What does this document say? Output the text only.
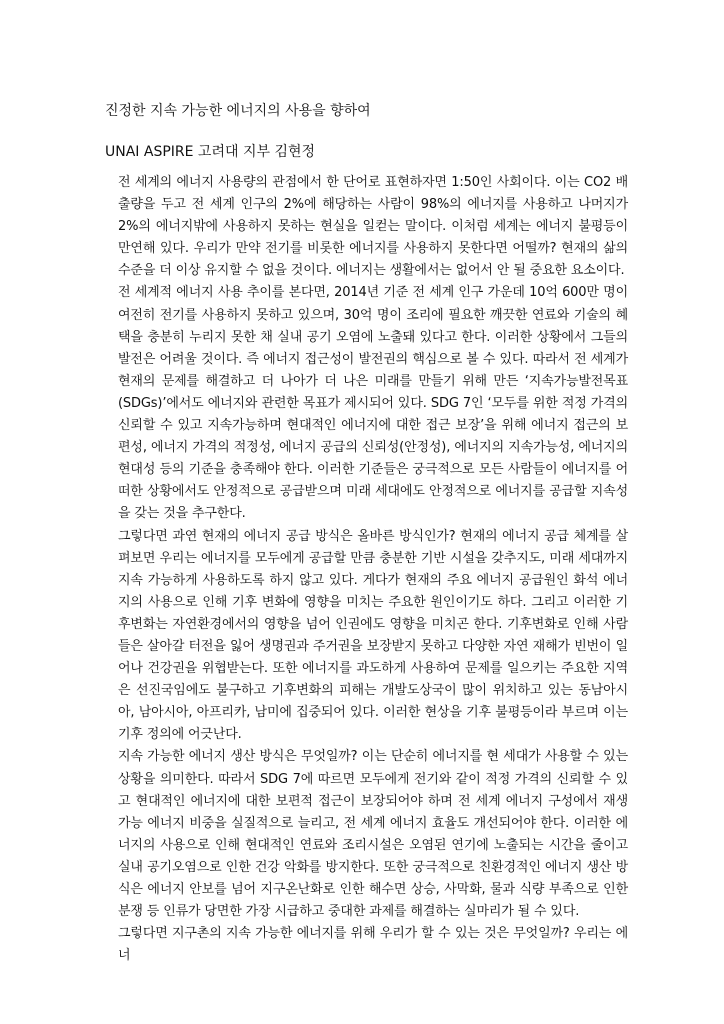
진정한 지속 가능한 에너지의 사용을 향하여
UNAI ASPIRE 고려대 지부 김현정

전 세계의 에너지 사용량의 관점에서 한 단어로 표현하자면 1:50인 사회이다. 이는 CO2 배출량을 두고 전 세계 인구의 2%에 해당하는 사람이 98%의 에너지를 사용하고 나머지가 2%의 에너지밖에 사용하지 못하는 현실을 일컫는 말이다. 이처럼 세계는 에너지 불평등이 만연해 있다. 우리가 만약 전기를 비롯한 에너지를 사용하지 못한다면 어떨까? 현재의 삶의 수준을 더 이상 유지할 수 없을 것이다. 에너지는 생활에서는 없어서 안 될 중요한 요소이다.

전 세계적 에너지 사용 추이를 본다면, 2014년 기준 전 세계 인구 가운데 10억 600만 명이 여전히 전기를 사용하지 못하고 있으며, 30억 명이 조리에 필요한 깨끗한 연료와 기술의 혜택을 충분히 누리지 못한 채 실내 공기 오염에 노출돼 있다고 한다. 이러한 상황에서 그들의 발전은 어려울 것이다. 즉 에너지 접근성이 발전권의 핵심으로 볼 수 있다. 따라서 전 세계가 현재의 문제를 해결하고 더 나아가 더 나은 미래를 만들기 위해 만든 ‘지속가능발전목표(SDGs)’에서도 에너지와 관련한 목표가 제시되어 있다. SDG 7인 ‘모두를 위한 적정 가격의 신뢰할 수 있고 지속가능하며 현대적인 에너지에 대한 접근 보장’을 위해 에너지 접근의 보편성, 에너지 가격의 적정성, 에너지 공급의 신뢰성(안정성), 에너지의 지속가능성, 에너지의 현대성 등의 기준을 충족해야 한다. 이러한 기준들은 궁극적으로 모든 사람들이 에너지를 어떠한 상황에서도 안정적으로 공급받으며 미래 세대에도 안정적으로 에너지를 공급할 지속성을 갖는 것을 추구한다.

그렇다면 과연 현재의 에너지 공급 방식은 올바른 방식인가? 현재의 에너지 공급 체계를 살펴보면 우리는 에너지를 모두에게 공급할 만큼 충분한 기반 시설을 갖추지도, 미래 세대까지 지속 가능하게 사용하도록 하지 않고 있다. 게다가 현재의 주요 에너지 공급원인 화석 에너지의 사용으로 인해 기후 변화에 영향을 미치는 주요한 원인이기도 하다. 그리고 이러한 기후변화는 자연환경에서의 영향을 넘어 인권에도 영향을 미치곤 한다. 기후변화로 인해 사람들은 살아갈 터전을 잃어 생명권과 주거권을 보장받지 못하고 다양한 자연 재해가 빈번이 일어나 건강권을 위협받는다. 또한 에너지를 과도하게 사용하여 문제를 일으키는 주요한 지역은 선진국임에도 불구하고 기후변화의 피해는 개발도상국이 많이 위치하고 있는 동남아시아, 남아시아, 아프리카, 남미에 집중되어 있다. 이러한 현상을 기후 불평등이라 부르며 이는 기후 정의에 어긋난다.

지속 가능한 에너지 생산 방식은 무엇일까? 이는 단순히 에너지를 현 세대가 사용할 수 있는 상황을 의미한다. 따라서 SDG 7에 따르면 모두에게 전기와 같이 적정 가격의 신뢰할 수 있고 현대적인 에너지에 대한 보편적 접근이 보장되어야 하며 전 세계 에너지 구성에서 재생 가능 에너지 비중을 실질적으로 늘리고, 전 세계 에너지 효율도 개선되어야 한다. 이러한 에너지의 사용으로 인해 현대적인 연료와 조리시설은 오염된 연기에 노출되는 시간을 줄이고 실내 공기오염으로 인한 건강 악화를 방지한다. 또한 궁극적으로 친환경적인 에너지 생산 방식은 에너지 안보를 넘어 지구온난화로 인한 해수면 상승, 사막화, 물과 식량 부족으로 인한 분쟁 등 인류가 당면한 가장 시급하고 중대한 과제를 해결하는 실마리가 될 수 있다.

그렇다면 지구촌의 지속 가능한 에너지를 위해 우리가 할 수 있는 것은 무엇일까? 우리는 에너
